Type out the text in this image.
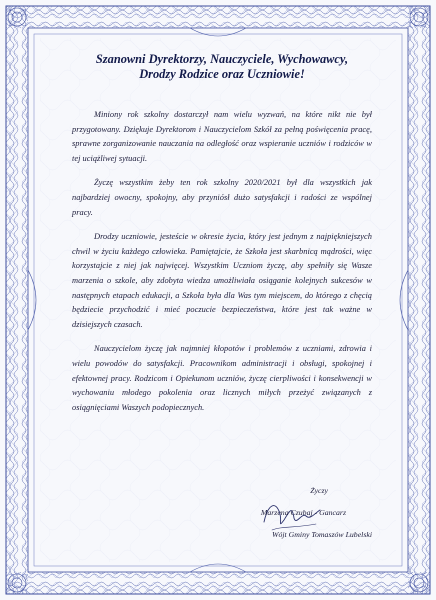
Szanowni Dyrektorzy, Nauczyciele, Wychowawcy,
Drodzy Rodzice oraz Uczniowie!

Miniony rok szkolny dostarczył nam wielu wyzwań, na które nikt nie był przygotowany. Dziękuje Dyrektorom i Nauczycielom Szkół za pełną poświęcenia pracę, sprawne zorganizowanie nauczania na odległość oraz wspieranie uczniów i rodziców w tej uciążliwej sytuacji.

Życzę wszystkim żeby ten rok szkolny 2020/2021 był dla wszystkich jak najbardziej owocny, spokojny, aby przyniósł dużo satysfakcji i radości ze wspólnej pracy.

Drodzy uczniowie, jesteście w okresie życia, który jest jednym z najpiękniejszych chwil w życiu każdego człowieka. Pamiętajcie, że Szkoła jest skarbnicą mądrości, więc korzystajcie z niej jak najwięcej. Wszystkim Uczniom życzę, aby spełniły się Wasze marzenia o szkole, aby zdobyta wiedza umożliwiała osiąganie kolejnych sukcesów w następnych etapach edukacji, a Szkoła była dla Was tym miejscem, do którego z chęcią będziecie przychodzić i mieć poczucie bezpieczeństwa, które jest tak ważne w dzisiejszych czasach.

Nauczycielom życzę jak najmniej kłopotów i problemów z uczniami, zdrowia i wielu powodów do satysfakcji. Pracownikom administracji i obsługi, spokojnej i efektownej pracy. Rodzicom i Opiekunom uczniów, życzę cierpliwości i konsekwencji w wychowaniu młodego pokolenia oraz licznych miłych przeżyć związanych z osiągnięciami Waszych podopiecznych.

Życzy
Marzena Czubaj - Gancarz
Wójt Gminy Tomaszów Lubelski
